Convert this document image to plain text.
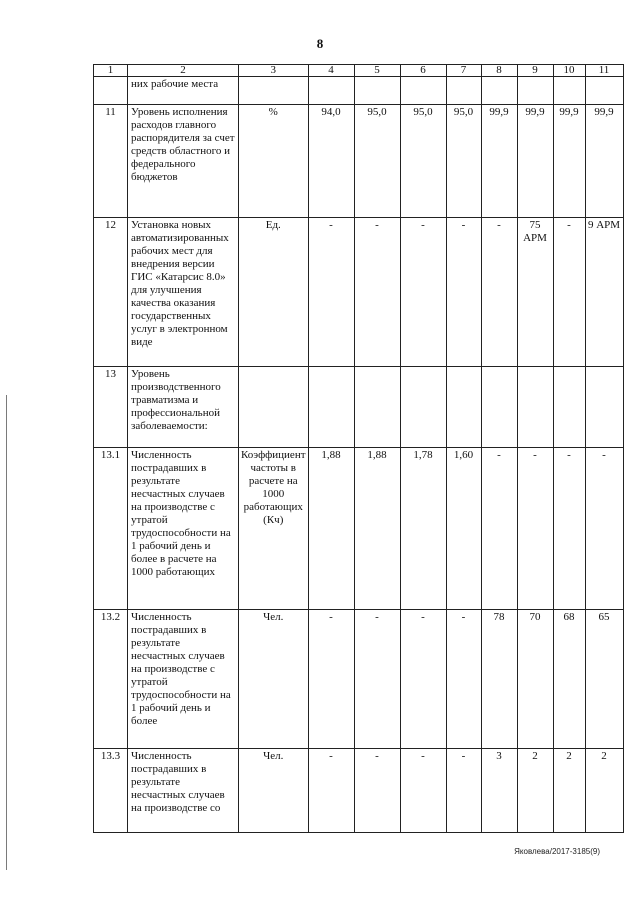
8
1	2	3	4	5	6	7	8	9	10	11
	них рабочие места									
11	Уровень исполнения расходов главного распорядителя за счет средств областного и федерального бюджетов	%	94,0	95,0	95,0	95,0	99,9	99,9	99,9	99,9
12	Установка новых автоматизированных рабочих мест для внедрения версии ГИС «Катарсис 8.0» для улучшения качества оказания государственных услуг в электронном виде	Ед.	-	-	-	-	-	75 АРМ	-	9 АРМ
13	Уровень производственного травматизма и профессиональной заболеваемости:									
13.1	Численность пострадавших в результате несчастных случаев на производстве с утратой трудоспособности на 1 рабочий день и более в расчете на 1000 работающих	Коэффициент частоты в расчете на 1000 работающих (Кч)	1,88	1,88	1,78	1,60	-	-	-	-
13.2	Численность пострадавших в результате несчастных случаев на производстве с утратой трудоспособности на 1 рабочий день и более	Чел.	-	-	-	-	78	70	68	65
13.3	Численность пострадавших в результате несчастных случаев на производстве со	Чел.	-	-	-	-	3	2	2	2
Яковлева/2017-3185(9)
